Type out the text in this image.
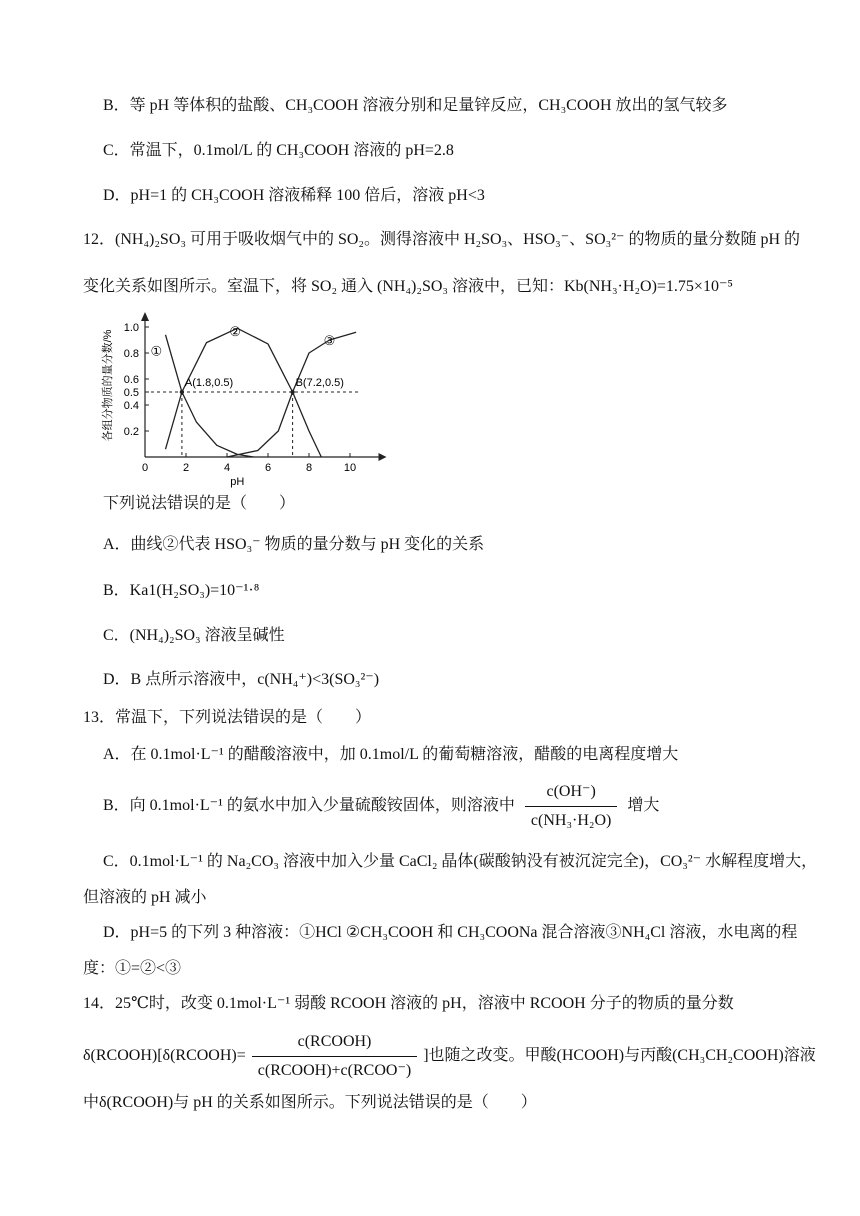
B．等 pH 等体积的盐酸、CH₃COOH 溶液分别和足量锌反应，CH₃COOH 放出的氢气较多
C．常温下，0.1mol/L 的 CH₃COOH 溶液的 pH=2.8
D．pH=1 的 CH₃COOH 溶液稀释 100 倍后，溶液 pH<3
12．(NH₄)₂SO₃ 可用于吸收烟气中的 SO₂。测得溶液中 H₂SO₃、HSO₃⁻、SO₃²⁻ 的物质的量分数随 pH 的
变化关系如图所示。室温下，将 SO₂ 通入 (NH₄)₂SO₃ 溶液中，已知：Kb(NH₃·H₂O)=1.75×10⁻⁵
0	2	4	6	8	10
0.2
0.4
0.5
0.6
0.8
1.0
pH
各组分物质的量分数/%	①
②
③
A(1.8,0.5)	B(7.2,0.5)
下列说法错误的是（　　）
A．曲线②代表 HSO₃⁻ 物质的量分数与 pH 变化的关系
B．Ka1(H₂SO₃)=10⁻¹·⁸
C．(NH₄)₂SO₃ 溶液呈碱性
D．B 点所示溶液中，c(NH₄⁺)<3(SO₃²⁻)
13．常温下，下列说法错误的是（　　）
A．在 0.1mol·L⁻¹ 的醋酸溶液中，加 0.1mol/L 的葡萄糖溶液，醋酸的电离程度增大
B．向 0.1mol·L⁻¹ 的氨水中加入少量硫酸铵固体，则溶液中 $\frac{c(OH^-)}{\text{c(NH₃·H₂O)}}$ 增大
C．0.1mol·L⁻¹ 的 Na₂CO₃ 溶液中加入少量 CaCl₂ 晶体(碳酸钠没有被沉淀完全)，CO₃²⁻ 水解程度增大，
但溶液的 pH 减小
D．pH=5 的下列 3 种溶液：①HCl ②CH₃COOH 和 CH₃COONa 混合溶液③NH₄Cl 溶液，水电离的程
度：①=②<③
14．25℃时，改变 0.1mol·L⁻¹ 弱酸 RCOOH 溶液的 pH，溶液中 RCOOH 分子的物质的量分数
δ(RCOOH)[δ(RCOOH)= $\frac{\text{c(RCOOH)}}{\text{c(RCOOH)+c(RCOO⁻)}}$ ]也随之改变。甲酸(HCOOH)与丙酸(CH₃CH₂COOH)溶液
中δ(RCOOH)与 pH 的关系如图所示。下列说法错误的是（　　）
